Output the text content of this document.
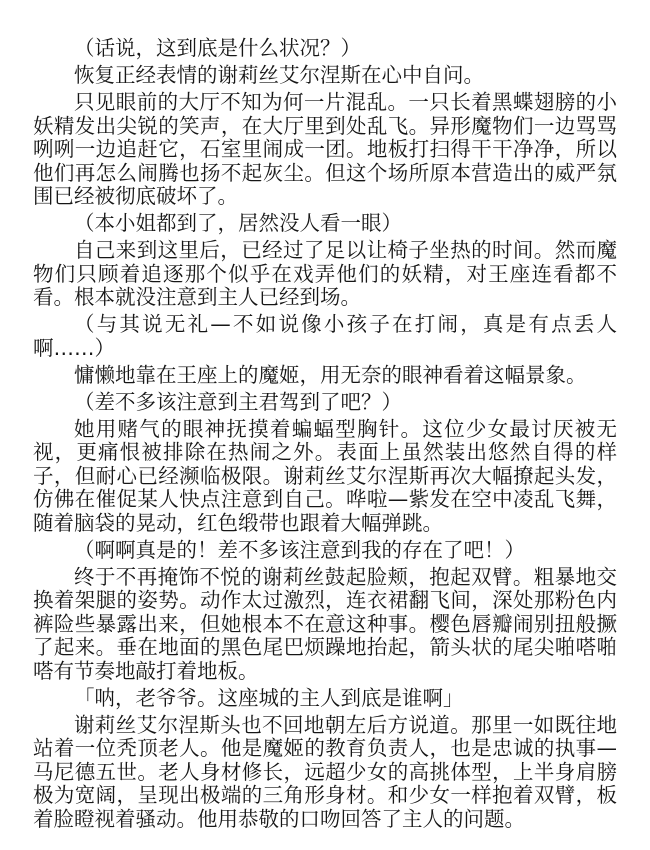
（话说，这到底是什么状况？）

恢复正经表情的谢莉丝艾尔涅斯在心中自问。

只见眼前的大厅不知为何一片混乱。一只长着黑蝶翅膀的小妖精发出尖锐的笑声，在大厅里到处乱飞。异形魔物们一边骂骂咧咧一边追赶它，石室里闹成一团。地板打扫得干干净净，所以他们再怎么闹腾也扬不起灰尘。但这个场所原本营造出的威严氛围已经被彻底破坏了。

（本小姐都到了，居然没人看一眼）

自己来到这里后，已经过了足以让椅子坐热的时间。然而魔物们只顾着追逐那个似乎在戏弄他们的妖精，对王座连看都不看。根本就没注意到主人已经到场。

（与其说无礼—不如说像小孩子在打闹，真是有点丢人啊……）

慵懒地靠在王座上的魔姬，用无奈的眼神看着这幅景象。

（差不多该注意到主君驾到了吧？）

她用赌气的眼神抚摸着蝙蝠型胸针。这位少女最讨厌被无视，更痛恨被排除在热闹之外。表面上虽然装出悠然自得的样子，但耐心已经濒临极限。谢莉丝艾尔涅斯再次大幅撩起头发，仿佛在催促某人快点注意到自己。哗啦—紫发在空中凌乱飞舞，随着脑袋的晃动，红色缎带也跟着大幅弹跳。

（啊啊真是的！差不多该注意到我的存在了吧！）

终于不再掩饰不悦的谢莉丝鼓起脸颊，抱起双臂。粗暴地交换着架腿的姿势。动作太过激烈，连衣裙翻飞间，深处那粉色内裤险些暴露出来，但她根本不在意这种事。樱色唇瓣闹别扭般撅了起来。垂在地面的黑色尾巴烦躁地抬起，箭头状的尾尖啪嗒啪嗒有节奏地敲打着地板。

「呐，老爷爷。这座城的主人到底是谁啊」

谢莉丝艾尔涅斯头也不回地朝左后方说道。那里一如既往地站着一位秃顶老人。他是魔姬的教育负责人，也是忠诚的执事—马尼德五世。老人身材修长，远超少女的高挑体型，上半身肩膀极为宽阔，呈现出极端的三角形身材。和少女一样抱着双臂，板着脸瞪视着骚动。他用恭敬的口吻回答了主人的问题。
